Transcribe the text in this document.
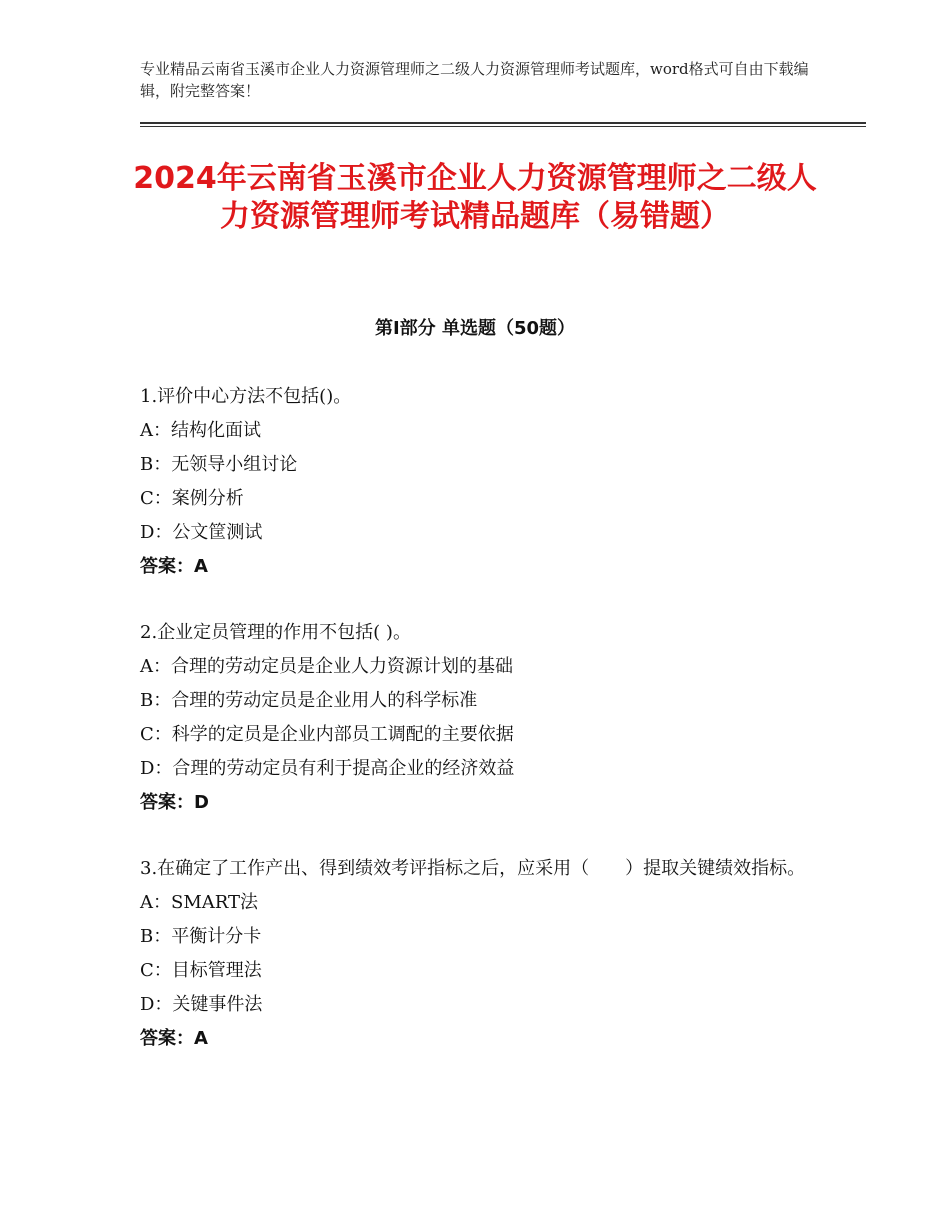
专业精品云南省玉溪市企业人力资源管理师之二级人力资源管理师考试题库，word格式可自由下载编辑，附完整答案！
2024年云南省玉溪市企业人力资源管理师之二级人力资源管理师考试精品题库（易错题）
第Ⅰ部分 单选题（50题）
1.评价中心方法不包括()。
A：结构化面试
B：无领导小组讨论
C：案例分析
D：公文筐测试
答案：A
2.企业定员管理的作用不包括( )。
A：合理的劳动定员是企业人力资源计划的基础
B：合理的劳动定员是企业用人的科学标准
C：科学的定员是企业内部员工调配的主要依据
D：合理的劳动定员有利于提高企业的经济效益
答案：D
3.在确定了工作产出、得到绩效考评指标之后，应采用（　　）提取关键绩效指标。
A：SMART法
B：平衡计分卡
C：目标管理法
D：关键事件法
答案：A
